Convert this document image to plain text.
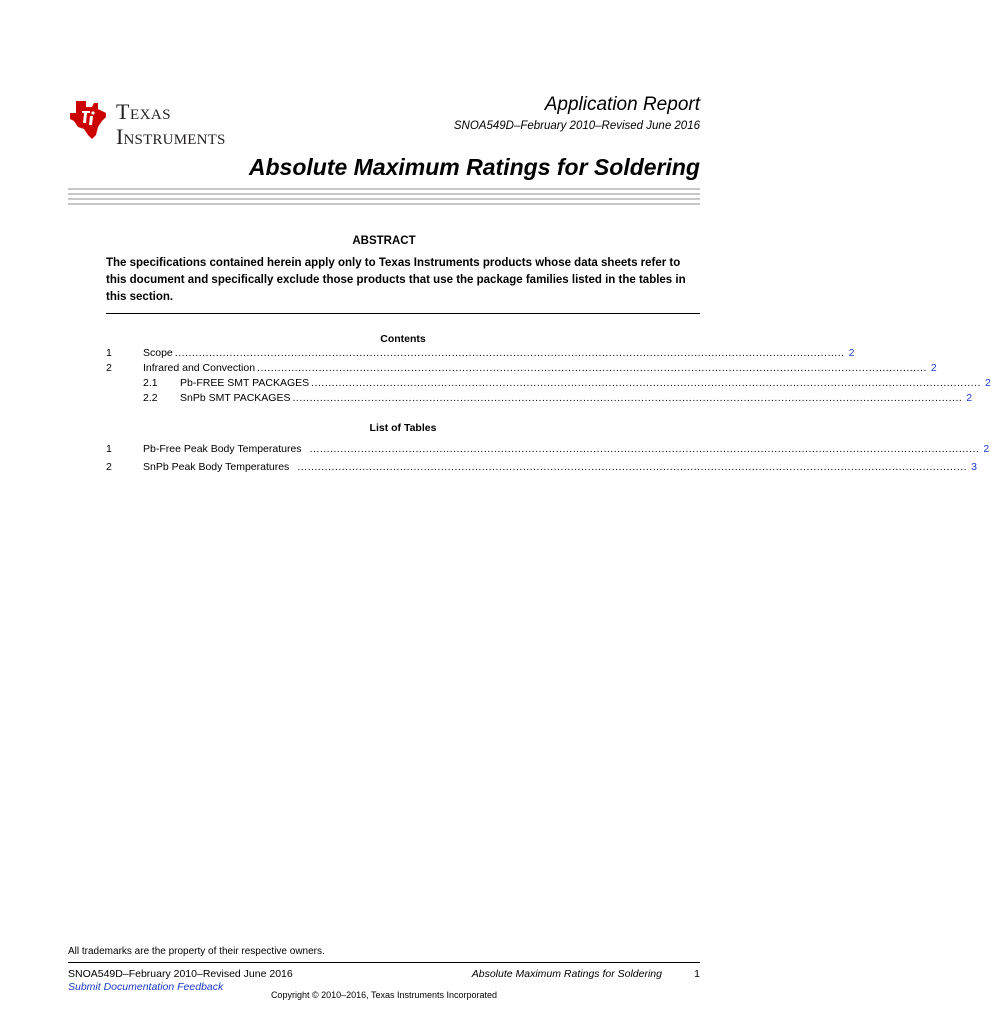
Texas
Instruments
Application Report
SNOA549D–February 2010–Revised June 2016
Absolute Maximum Ratings for Soldering
ABSTRACT
The specifications contained herein apply only to Texas Instruments products whose data sheets refer to this document and specifically exclude those products that use the package families listed in the tables in this section.
Contents
1	Scope .................................................................................................................................................................................................... 2
2	Infrared and Convection .................................................................................................................................................................................................... 2
2.1 Pb-FREE SMT PACKAGES .................................................................................................................................................................................................... 2
2.2 SnPb SMT PACKAGES .................................................................................................................................................................................................... 2
List of Tables
1	Pb-Free Peak Body Temperatures .................................................................................................................................................................................................... 2
2	SnPb Peak Body Temperatures .................................................................................................................................................................................................... 3
All trademarks are the property of their respective owners.
SNOA549D–February 2010–Revised June 2016
Submit Documentation Feedback
Absolute Maximum Ratings for Soldering	1
Copyright © 2010–2016, Texas Instruments Incorporated
